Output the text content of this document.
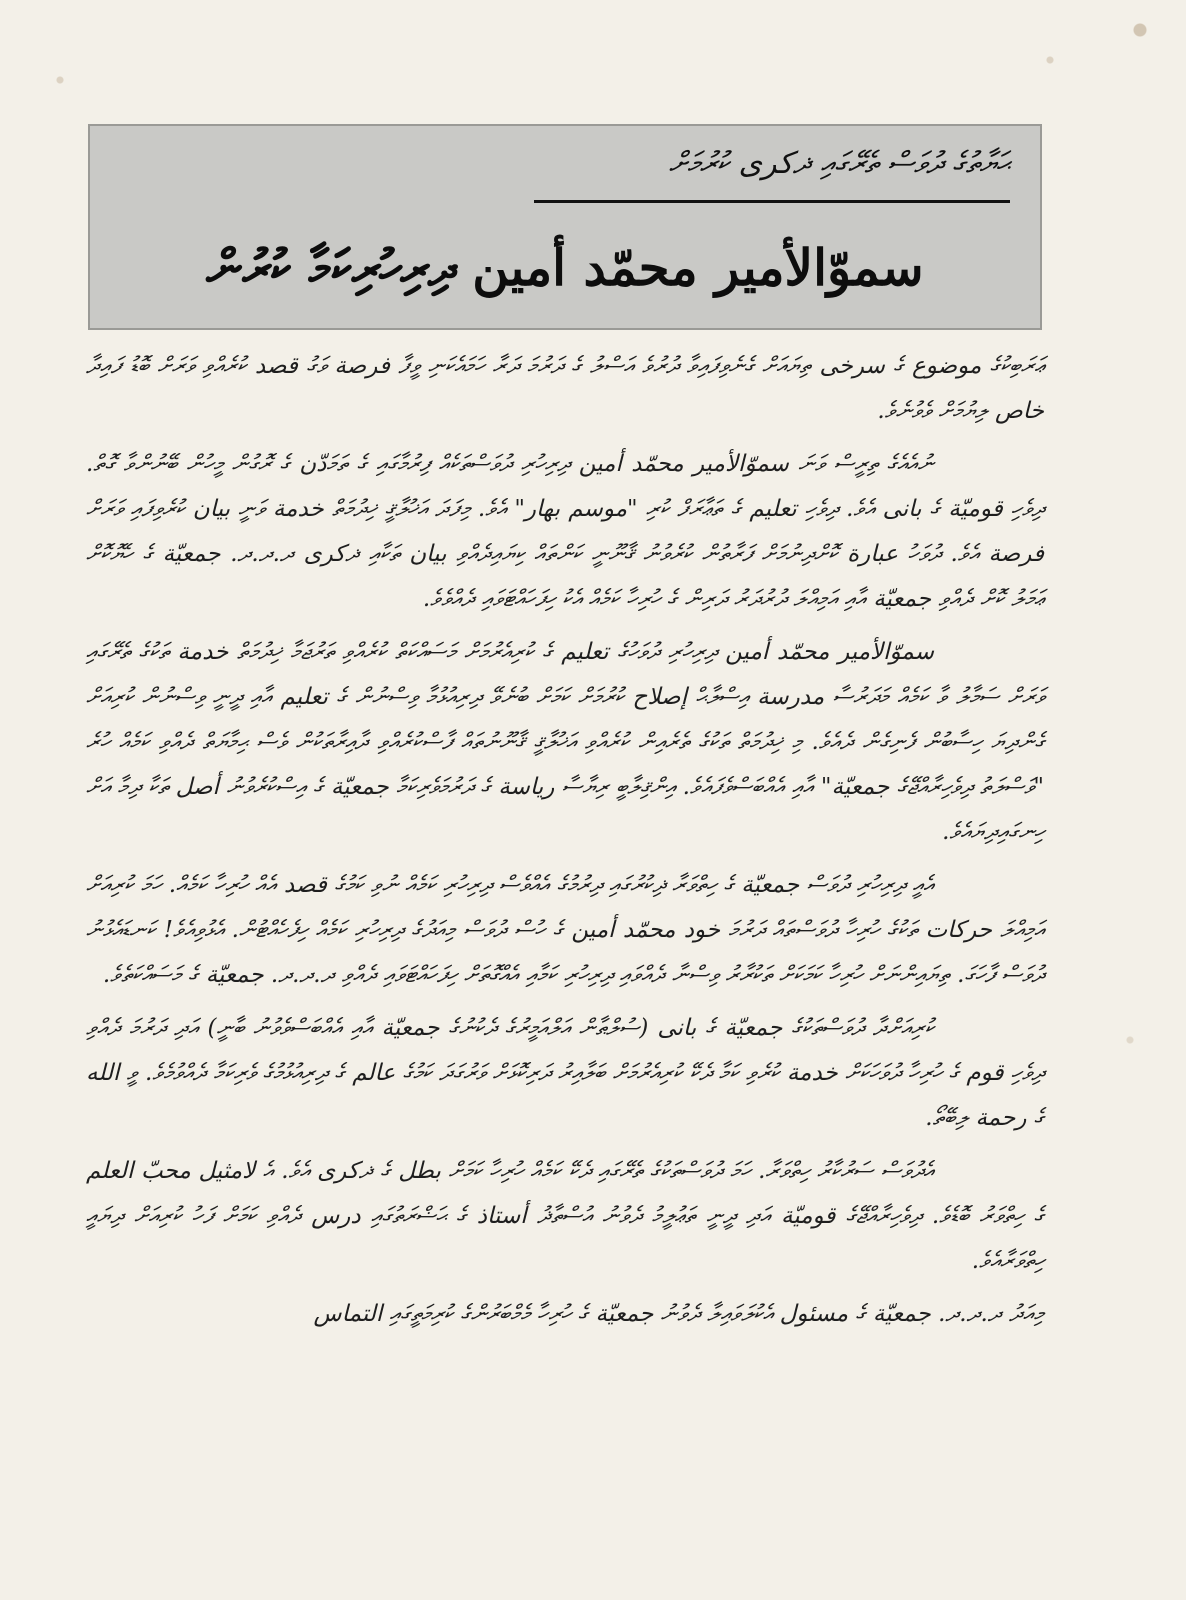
ޙަޔާތުގެ ދުވަސް ތެރޭގައި ޛكرى ކުރުމަށް
سموّالأمير محمّد أمين ދިރިހުރިކަމާ ކުރުން

ޢަރަބިކުގެ موضوع ގެ سرخى ތިޔައަށް ގެނެވިފައިވާ ދުރުވެ އަސްލު ގެ ދަރުމަ ދަރާ ހަމައެކަނި ވީފާ فرصة ވަގު قصد ކުރެއްވި ވަރަށް ބޮޑު ފައިދާ خاص ލިޔުމަށް ވެވުނެވެ.

ނުއެއެގެ ތިރީސް ވަނަ سموّالأمير محمّد أمين ދިރިހުރި ދުވަސްތަކެއް ފިރުމާގައި ގެ ތަމަدّن ގެ ރޮގުން މީހުން ބޭނުންވާ ގޮތް. ދިވެހި قوميّة ގެ بانى އެވެ. ދިވެހި تعليم ގެ ތަޢާރަފް ކުރި "موسم بهار" އެވެ. މިފަދަ އަޚުލާޤީ ޚިދުމަތް خدمة ވަނީ بيان ކުރެވިފައި ވަރަށް فرصة އެވެ. ދުވަހު عبارة ކޮށްދިނުމަށް ފަރާތުން ކުރެވުނު ޤާނޫނީ ކަންތައް ކިޔައިދެއްވި بيان ތަކާއި ޛكرى ދ.ދ.ދ. جمعيّة ގެ ހެޔޮކޮށް ޢަމަލު ކޮށް ދެއްވި جمعيّة އާއި އަމިއްލަ ދުރުދަރު ދަރިން ގެ ހުރިހާ ކަމެއް އެކު ހިފަހައްޓަވައި ދެއްވެވެ.

سموّالأمير محمّد أمين ދިރިހުރި ދުވަހުގެ تعليم ގެ ކުރިއެރުމަށް މަސައްކަތް ކުރެއްވި ތަރުޖަމާ ޚިދުމަތް خدمة ތަކުގެ ތެރޭގައި ވަރަށް ސަމާލު ވާ ކަމެއް މަދަރުސާ مدرسة އިސްލާޙް إصلاح ކުރުމަށް ކަމަށް ބުނެވޭ ދިރިއުޅުމާ ވިސްނުން ގެ تعليم އާއި ދީނީ ވިސްނުން ކުރިއަށް ގެންދިޔަ ހިސާބުން ފެނިގެން ދެއެވެ. މި ޚިދުމަތް ތަކުގެ ތެރެއިން ކުރެއްވި އަޚުލާޤީ ޤާނޫނުތައް ފާސްކުރެއްވި ދާއިރާތަކުން ވެސް ޙިމާޔަތް ދެއްވި ކަމެއް ހުރެ "ވަސްލަތު ދިވެހިރާއްޖޭގެ جمعيّة" އާއި އެއްބަސްވެފައެވެ. އިންޤިލާބީ ރިޔާސާ رياسة ގެ ދަރުމަވެރިކަމާ جمعيّة ގެ އިސްކުރެވުނު أصل ތަކާ ދިމާ އަށް ހިނގައިދިޔައެވެ.

އެއީ ދިރިހުރި ދުވަސް جمعيّة ގެ ހިތްވަރާ ޛިކުރުގައި ދިރުމުގެ އެއްވެސް ދިރިހުރި ކަމެއް ނުވި ކަމުގެ قصد އެއް ހުރިހާ ކަމެއް. ހަމަ ކުރިއަށް އަމިއްލަ حركات ތަކުގެ ހުރިހާ ދުވަސްތައް ދަރުމަ خود محمّد أمين ގެ ހުސް ދުވަސް މިއަދުގެ ދިރިހުރި ކަމެއް ހިފެހެއްޓުން. އެޅުވިއެވެ! ކަނޑައެޅުނު ދުވަސް ފާހަގަ. ތިޔައިންނަށް ހުރިހާ ކަމަކަށް ތަކުރާރު ވިސްނާ ދެއްވައި ދިރިހުރި ކަމާއި އެއްގޮތަށް ހިފަހައްޓަވައި ދެއްވި ދ.ދ.ދ. جمعيّة ގެ މަސައްކަތެވެ.

ކުރިއަށްދާ ދުވަސްތަކުގެ جمعيّة ގެ بانى (ސުލްޠާން އަލްއަމީރުގެ ދެކުނުގެ جمعيّة އާއި އެއްބަސްވެވުނު ބާނީ) އަދި ދަރުމަ ދެއްވި ދިވެހި قوم ގެ ހުރިހާ ދުވަހަކަށް خدمة ކުރެވި ކަމާ ދެކޭ ކުރިއެރުމަށް ބަލާއިރު ދަރިކޮޅަށް ވަރުގަދަ ކަމުގެ عالم ގެ ދިރިއުޅުމުގެ ވެރިކަމާ ދެއްވުމެވެ. ވީ الله ގެ رحمة ލިބޭތޯ.

އެދުވަސް ސަރުކާރު ހިތްވަރާ. ހަމަ ދުވަސްތަކުގެ ތެރޭގައި ދެކޭ ކަމެއް ހުރިހާ ކަމަށް بطل ގެ ޛكرى އެވެ. އެ لامثيل محبّ العلم ގެ ހިތްވަރު ބޮޑެވެ. ދިވެހިރާއްޖޭގެ قوميّة އަދި ދީނީ ތަޢުލީމު ދެވުނު އުސްތާޛު أستاذ ގެ ޙަޟްރަތުގައި درس ދެއްވި ކަމަށް ފަހު ކުރިއަށް ދިޔައީ ހިތްވަރާއެވެ.

މިއަދު ދ.ދ.ދ. جمعيّة ގެ مسئول އެކުލަވައިލާ ދެވުނު جمعيّة ގެ ހުރިހާ މެމްބަރުންގެ ކުރިމަތީގައި التماس
